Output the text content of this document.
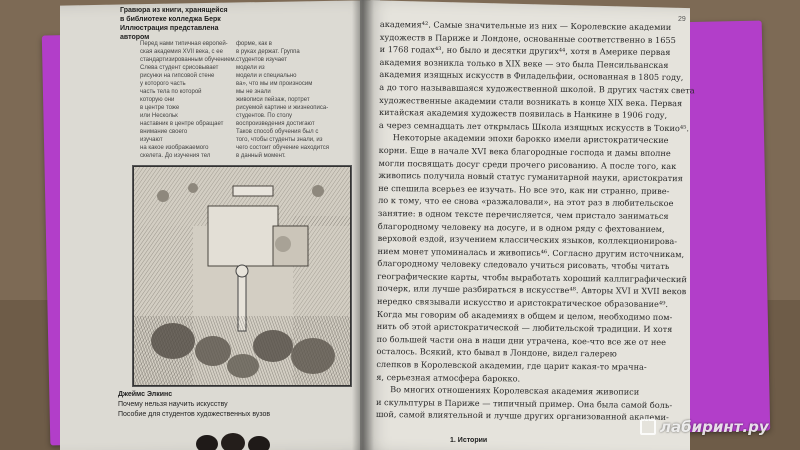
Гравюра из книги, хранящейся
в библиотеке колледжа Берк
Иллюстрация представлена
автором
Перед нами типичная европей-
ская академия XVII века, с ее
стандартизированным обучением.
Слева студент срисовывает
рисунки на гипсовой стене
у которого часть
часть тела по которой
которую они
в центре тоже
или Нескольк
наставник в центре обращает
внимание своего
изучают
на какое изображаемого
скелета. До изучения тел
форме, как в
в руках держат. Группа
студентов изучает
модели из
модели и специально
ва», что мы им произносим
мы не знали
живописи пейзаж, портрет
рисуемой картине и жизнеописа-
студентов. По столу
воспроизведения достигают
Таков способ обучения был с
того, чтобы студенты знали, из
чего состоит обучение находится
в данный момент.
Джеймс Элкинс
Почему нельзя научить искусству
Пособие для студентов художественных вузов
29
академия⁴². Самые значительные из них — Королевские академии
художеств в Париже и Лондоне, основанные соответственно в 1655
и 1768 годах⁴³, но было и десятки других⁴⁴, хотя в Америке первая
академия возникла только в XIX веке — это была Пенсильванская
академия изящных искусств в Филадельфии, основанная в 1805 году,
а до того называвшаяся художественной школой. В других частях света
художественные академии стали возникать в конце XIX века. Первая
китайская академия художеств появилась в Нанкине в 1906 году,
а через семнадцать лет открылась Школа изящных искусств в Токио⁴⁵.
Некоторые академии эпохи барокко имели аристократические
корни. Еще в начале XVI века благородные господа и дамы вполне
могли посвящать досуг среди прочего рисованию. А после того, как
живопись получила новый статус гуманитарной науки, аристократия
не спешила всерьез ее изучать. Но все это, как ни странно, приве-
ло к тому, что ее снова «разжаловали», на этот раз в любительское
занятие: в одном тексте перечисляется, чем пристало заниматься
благородному человеку на досуге, и в одном ряду с фехтованием,
верховой ездой, изучением классических языков, коллекционирова-
нием монет упоминалась и живопись⁴⁶. Согласно другим источникам,
благородному человеку следовало учиться рисовать, чтобы читать
географические карты, чтобы выработать хороший каллиграфический
почерк, или лучше разбираться в искусстве⁴⁸. Авторы XVI и XVII веков
нередко связывали искусство и аристократическое образование⁴⁹.
Когда мы говорим об академиях в общем и целом, необходимо пом-
нить об этой аристократической — любительской традиции. И хотя
по большей части она в наши дни утрачена, кое-что все же от нее
осталось. Всякий, кто бывал в Лондоне, видел галерею
слепков в Королевской академии, где царит какая-то мрачна-
я, серьезная атмосфера барокко.
Во многих отношениях Королевская академия живописи
и скульптуры в Париже — типичный пример. Она была самой боль-
шой, самой влиятельной и лучше других организованной академи-
1. Истории
лабиринт.ру
